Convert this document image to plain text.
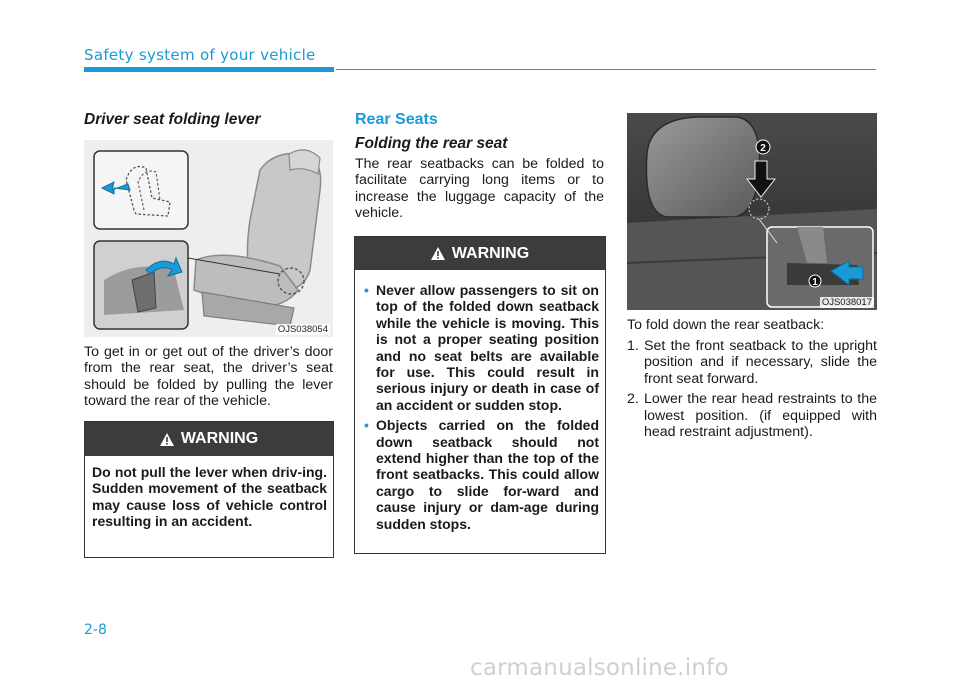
Safety system of your vehicle
Driver seat folding lever
OJS038054
To get in or get out of the driver’s door from the rear seat, the driver’s seat should be folded by pulling the lever toward the rear of the vehicle.
WARNING
Do not pull the lever when driv-ing. Sudden movement of the seatback may cause loss of vehicle control resulting in an accident.
Rear Seats
Folding the rear seat
The rear seatbacks can be folded to facilitate carrying long items or to increase the luggage capacity of the vehicle.
WARNING
• Never allow passengers to sit on top of the folded down seatback while the vehicle is moving. This is not a proper seating position and no seat belts are available for use. This could result in serious injury or death in case of an accident or sudden stop.
• Objects carried on the folded down seatback should not extend higher than the top of the front seatbacks. This could allow cargo to slide for-ward and cause injury or dam-age during sudden stops.
2
1
OJS038017
To fold down the rear seatback:
1. Set the front seatback to the upright position and if necessary, slide the front seat forward.
2. Lower the rear head restraints to the lowest position. (if equipped with head restraint adjustment).
2-8
carmanualsonline.info
